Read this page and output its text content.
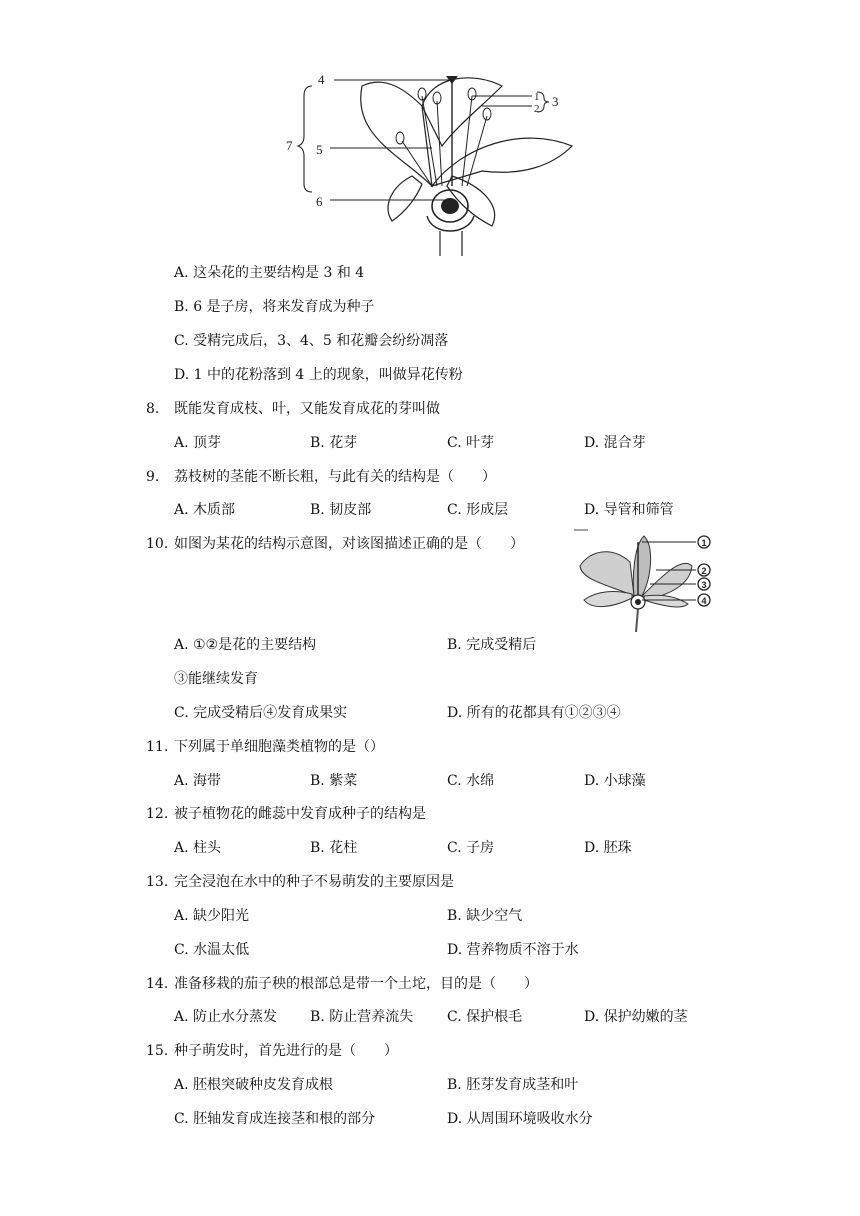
4
7 5
6
1
2 3
A. 这朵花的主要结构是 3 和 4
B. 6 是子房，将来发育成为种子
C. 受精完成后，3、4、5 和花瓣会纷纷凋落
D. 1 中的花粉落到 4 上的现象，叫做异花传粉
8. 既能发育成枝、叶，又能发育成花的芽叫做
A. 顶芽	B. 花芽	C. 叶芽	D. 混合芽
9. 荔枝树的茎能不断长粗，与此有关的结构是（　　）
A. 木质部	B. 韧皮部	C. 形成层	D. 导管和筛管
10. 如图为某花的结构示意图，对该图描述正确的是（　　）	1
2
3
4
A. ①②是花的主要结构	B. 完成受精后
③能继续发育
C. 完成受精后④发育成果实	D. 所有的花都具有①②③④
11. 下列属于单细胞藻类植物的是（）
A. 海带	B. 紫菜	C. 水绵	D. 小球藻
12. 被子植物花的雌蕊中发育成种子的结构是
A. 柱头	B. 花柱	C. 子房	D. 胚珠
13. 完全浸泡在水中的种子不易萌发的主要原因是
A. 缺少阳光	B. 缺少空气
C. 水温太低	D. 营养物质不溶于水
14. 准备移栽的茄子秧的根部总是带一个土坨，目的是（　　）
A. 防止水分蒸发 B. 防止营养流失 C. 保护根毛	D. 保护幼嫩的茎
15. 种子萌发时，首先进行的是（　　）
A. 胚根突破种皮发育成根	B. 胚芽发育成茎和叶
C. 胚轴发育成连接茎和根的部分	D. 从周围环境吸收水分
